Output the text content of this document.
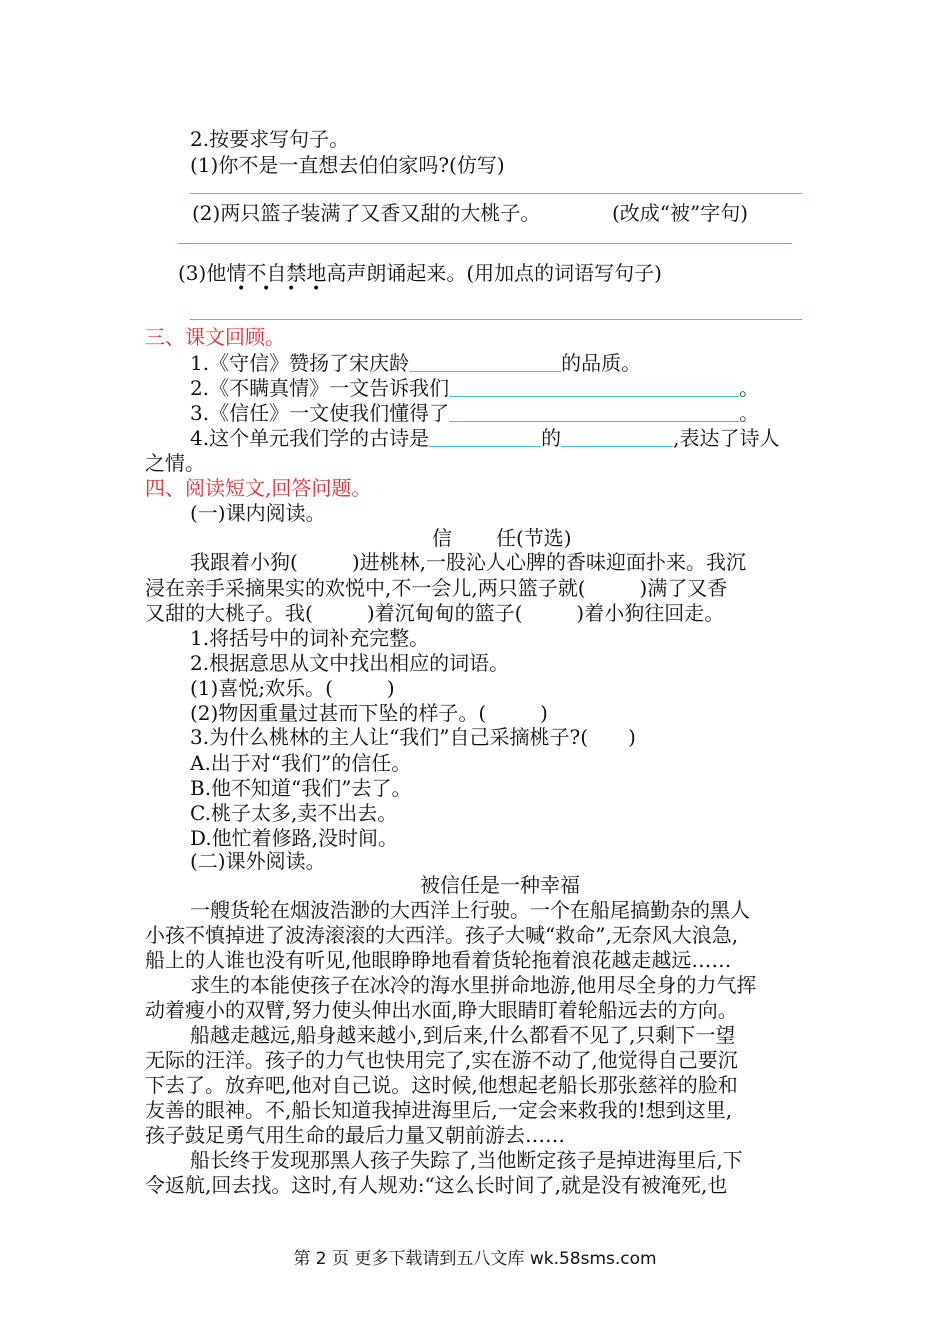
2.按要求写句子。
(1)你不是一直想去伯伯家吗?(仿写)
(2)两只篮子装满了又香又甜的大桃子。	(改成“被”字句)
(3)他情不自禁地高声朗诵起来。(用加点的词语写句子)
• • • •
三、课文回顾。
1.《守信》赞扬了宋庆龄	的品质。
2.《不瞒真情》一文告诉我们	。
3.《信任》一文使我们懂得了	。
4.这个单元我们学的古诗是	的	,表达了诗人
之情。
四、阅读短文,回答问题。
(一)课内阅读。
信 任(节选)
我跟着小狗(	)进桃林,一股沁人心脾的香味迎面扑来。我沉
浸在亲手采摘果实的欢悦中,不一会儿,两只篮子就(	)满了又香
又甜的大桃子。我(	)着沉甸甸的篮子(	)着小狗往回走。
1.将括号中的词补充完整。
2.根据意思从文中找出相应的词语。
(1)喜悦;欢乐。(	)
(2)物因重量过甚而下坠的样子。(	)
3.为什么桃林的主人让“我们”自己采摘桃子?( )
A.出于对“我们”的信任。
B.他不知道“我们”去了。
C.桃子太多,卖不出去。
D.他忙着修路,没时间。
(二)课外阅读。
被信任是一种幸福
一艘货轮在烟波浩渺的大西洋上行驶。一个在船尾搞勤杂的黑人
小孩不慎掉进了波涛滚滚的大西洋。孩子大喊“救命”,无奈风大浪急,
船上的人谁也没有听见,他眼睁睁地看着货轮拖着浪花越走越远……
求生的本能使孩子在冰冷的海水里拼命地游,他用尽全身的力气挥
动着瘦小的双臂,努力使头伸出水面,睁大眼睛盯着轮船远去的方向。
船越走越远,船身越来越小,到后来,什么都看不见了,只剩下一望
无际的汪洋。孩子的力气也快用完了,实在游不动了,他觉得自己要沉
下去了。放弃吧,他对自己说。这时候,他想起老船长那张慈祥的脸和
友善的眼神。不,船长知道我掉进海里后,一定会来救我的!想到这里,
孩子鼓足勇气用生命的最后力量又朝前游去……
船长终于发现那黑人孩子失踪了,当他断定孩子是掉进海里后,下
令返航,回去找。这时,有人规劝:“这么长时间了,就是没有被淹死,也
第 2 页 更多下载请到五八文库 wk.58sms.com
